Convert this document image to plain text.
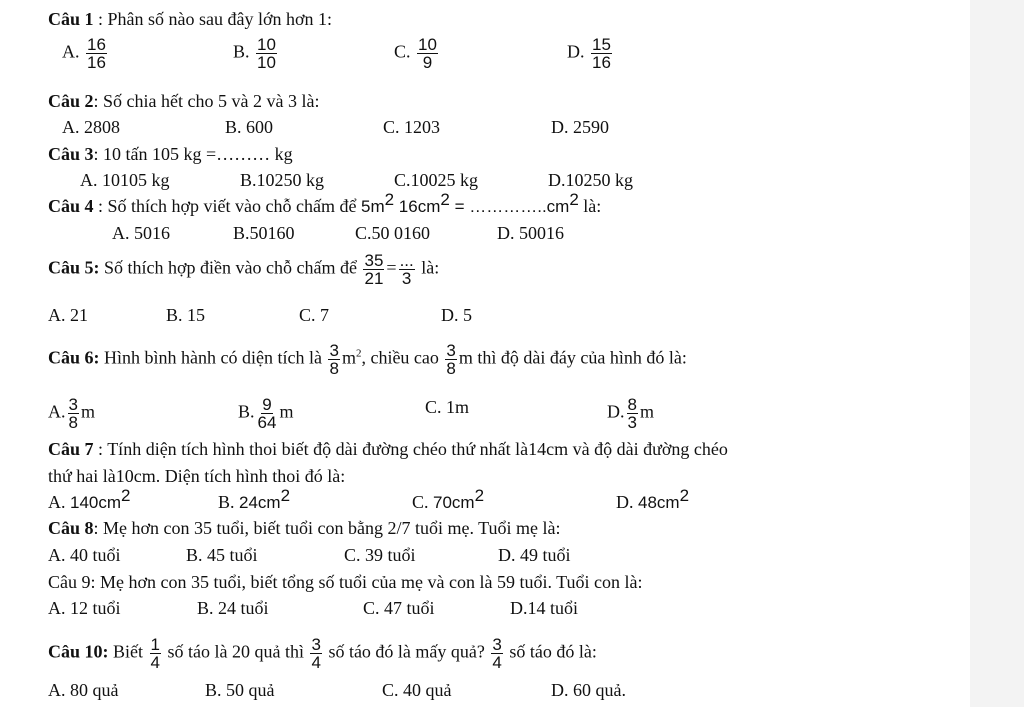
Câu 1 : Phân số nào sau đây lớn hơn 1:
A. $\frac{16}{16}$	B. $\frac{10}{10}$	C. $\frac{10}{9}$	D. $\frac{15}{16}$
Câu 2: Số chia hết cho 5 và 2 và 3 là:
A. 2808	B. 600	C. 1203	D. 2590
Câu 3: 10 tấn 105 kg =……… kg
A. 10105 kg	B.10250 kg	C.10025 kg	D.10250 kg
Câu 4 : Số thích hợp viết vào chỗ chấm để $5m^2$ $16cm^2$ = $\dots\dots\dots\dots..cm^2$ là:
A. 5016	B.50160	C.50 0160	D. 50016
Câu 5: Số thích hợp điền vào chỗ chấm để $\frac{35}{21} = \frac{...}{3}$ là:
A. 21	B. 15	C. 7	D. 5
Câu 6: Hình bình hành có diện tích là $\frac{3}{8} m^2$, chiều cao $\frac{3}{8}$ m thì độ dài đáy của hình đó là:
A. $\frac{3}{8}$ m	B. $\frac{9}{64}$ m	C. 1m	D. $\frac{8}{3}$ m
Câu 7 : Tính diện tích hình thoi biết độ dài đường chéo thứ nhất là14cm và độ dài đường chéo
thứ hai là10cm. Diện tích hình thoi đó là:
A. $140cm^2$	B. $24cm^2$	C. $70cm^2$	D. $48cm^2$
Câu 8: Mẹ hơn con 35 tuổi, biết tuổi con bằng 2/7 tuổi mẹ. Tuổi mẹ là:
A. 40 tuổi	B. 45 tuổi	C. 39 tuổi	D. 49 tuổi
Câu 9: Mẹ hơn con 35 tuổi, biết tổng số tuổi của mẹ và con là 59 tuổi. Tuổi con là:
A. 12 tuổi	B. 24 tuổi	C. 47 tuổi	D.14 tuổi
Câu 10: Biết $\frac{1}{4}$ số táo là 20 quả thì $\frac{3}{4}$ số táo đó là mấy quả? $\frac{3}{4}$ số táo đó là:
A. 80 quả	B. 50 quả	C. 40 quả	D. 60 quả.
